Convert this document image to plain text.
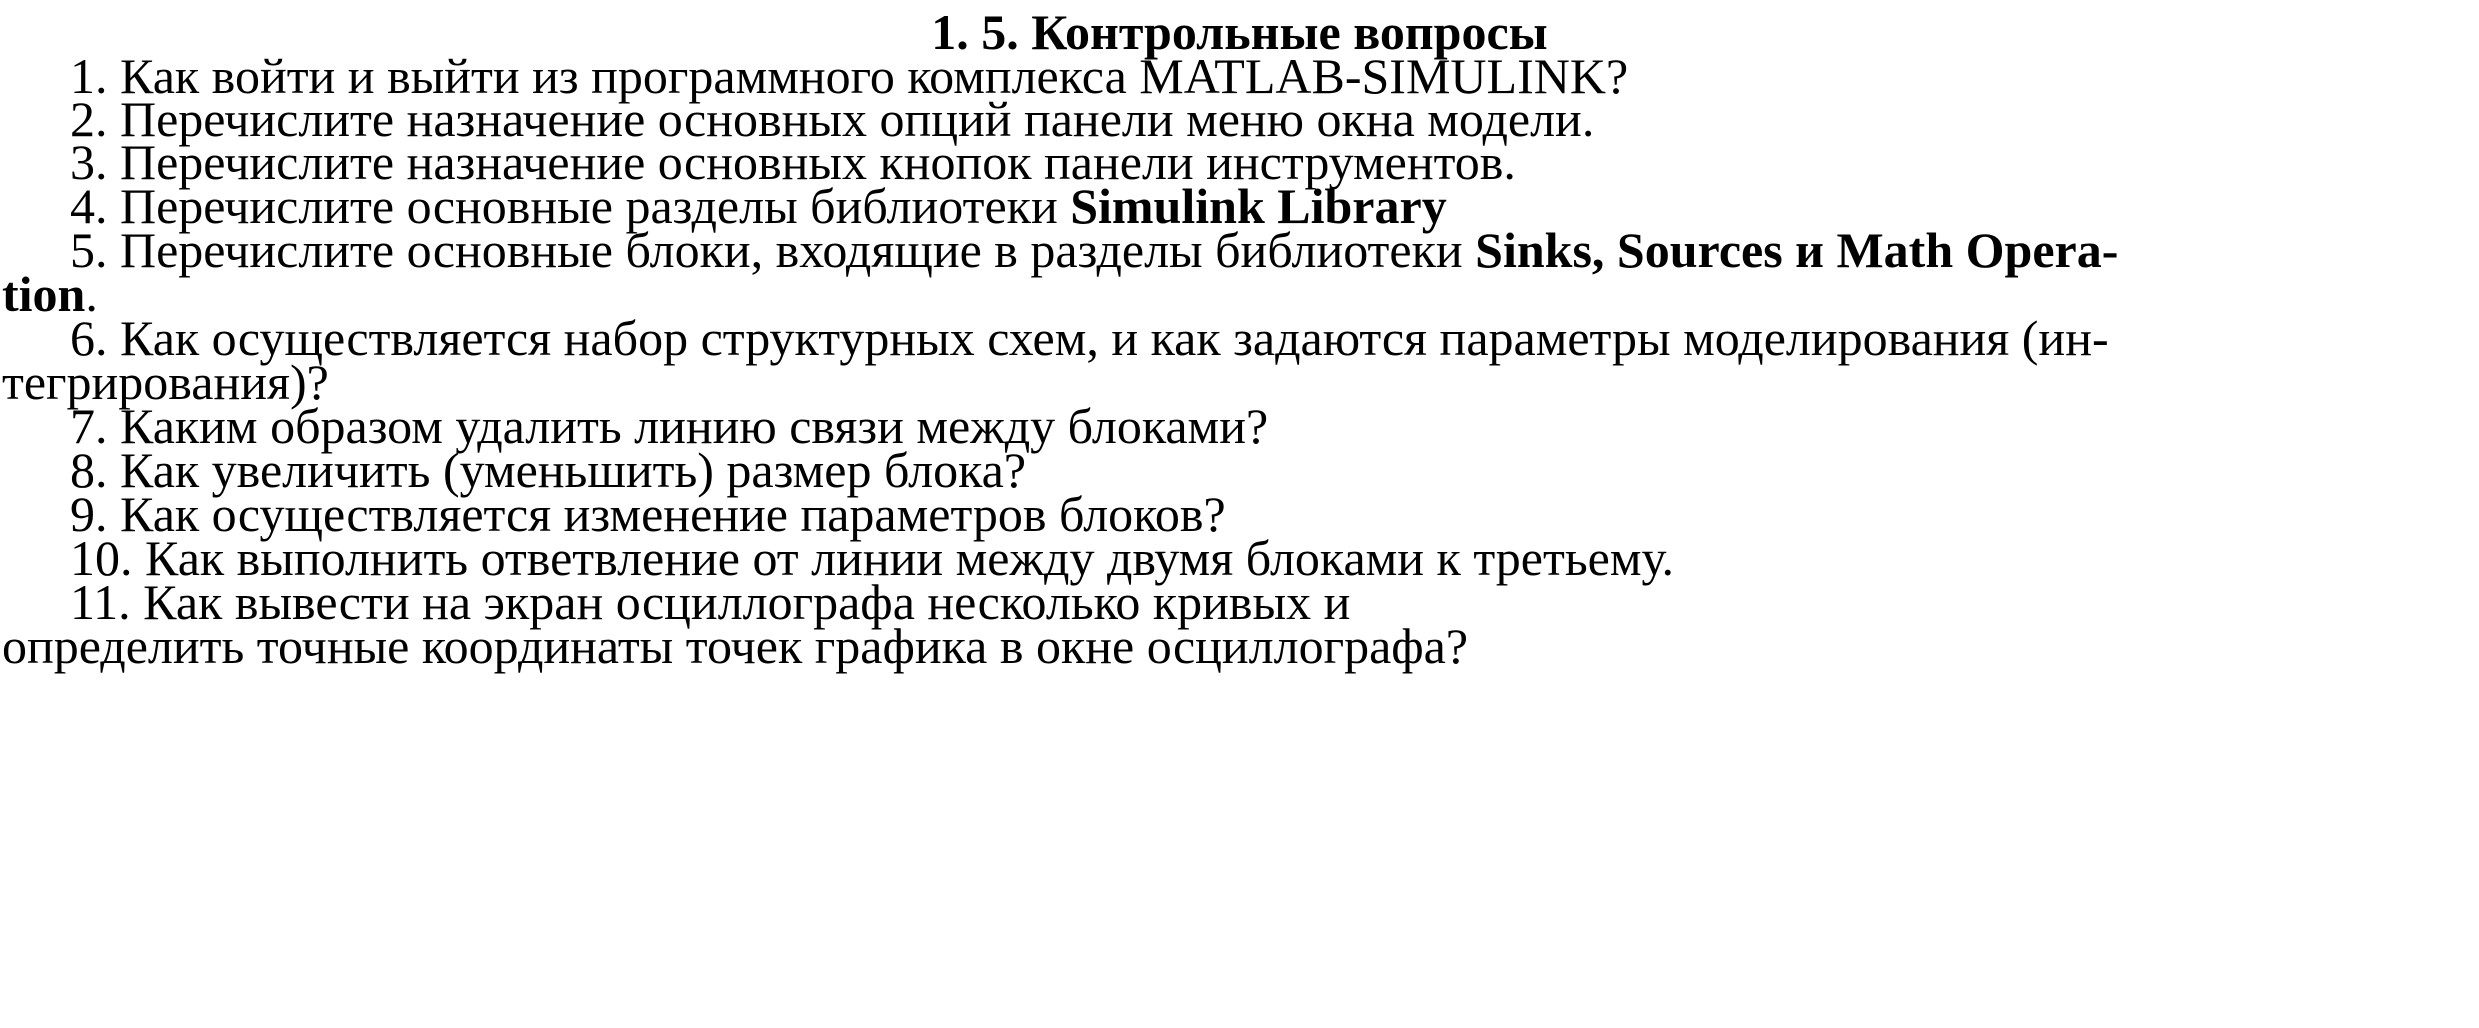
1. 5. Контрольные вопросы
1. Как войти и выйти из программного комплекса MATLAB-SIMULINK?
2. Перечислите назначение основных опций панели меню окна модели.
3. Перечислите назначение основных кнопок панели инструментов.
4. Перечислите основные разделы библиотеки Simulink Library
5. Перечислите основные блоки, входящие в разделы библиотеки Sinks, Sources и Math Opera-
tion.
6. Как осуществляется набор структурных схем, и как задаются параметры моделирования (ин-
тегрирования)?
7. Каким образом удалить линию связи между блоками?
8. Как увеличить (уменьшить) размер блока?
9. Как осуществляется изменение параметров блоков?
10. Как выполнить ответвление от линии между двумя блоками к третьему.
11. Как вывести на экран осциллографа несколько кривых и
определить точные координаты точек графика в окне осциллографа?
